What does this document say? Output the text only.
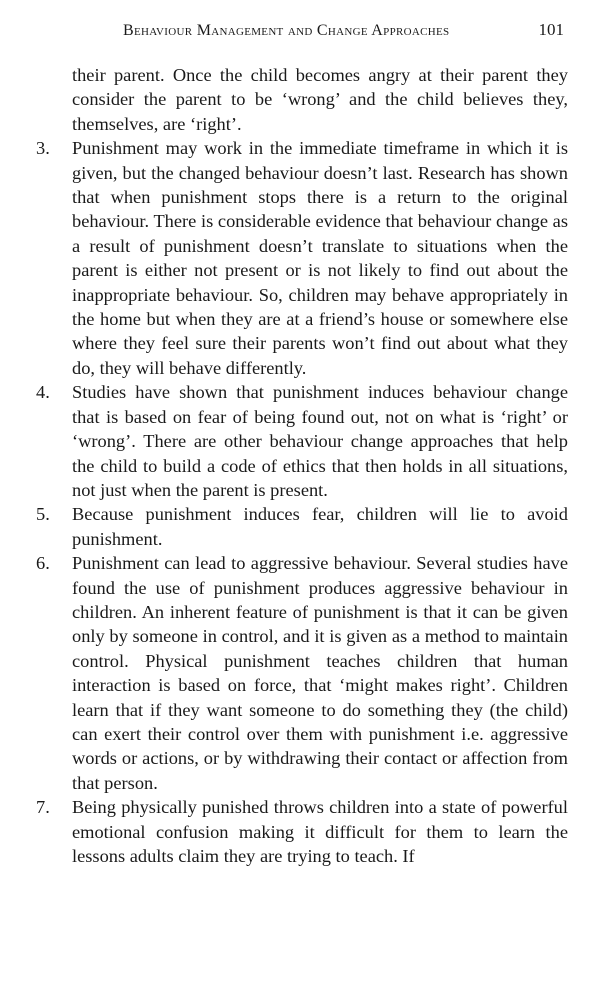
Behaviour Management and Change Approaches	101

their parent. Once the child becomes angry at their parent they consider the parent to be ‘wrong’ and the child believes they, themselves, are ‘right’.

3.	Punishment may work in the immediate timeframe in which it is given, but the changed behaviour doesn’t last. Research has shown that when punishment stops there is a return to the original behaviour. There is considerable evidence that behaviour change as a result of punishment doesn’t translate to situations when the parent is either not present or is not likely to find out about the inappropriate behaviour. So, children may behave appropriately in the home but when they are at a friend’s house or somewhere else where they feel sure their parents won’t find out about what they do, they will behave differently.
4.	Studies have shown that punishment induces behaviour change that is based on fear of being found out, not on what is ‘right’ or ‘wrong’. There are other behaviour change approaches that help the child to build a code of ethics that then holds in all situations, not just when the parent is present.
5.	Because punishment induces fear, children will lie to avoid punishment.
6.	Punishment can lead to aggressive behaviour. Several studies have found the use of punishment produces aggressive behaviour in children. An inherent feature of punishment is that it can be given only by someone in control, and it is given as a method to maintain control. Physical punishment teaches children that human interaction is based on force, that ‘might makes right’. Children learn that if they want someone to do something they (the child) can exert their control over them with punishment i.e. aggressive words or actions, or by withdrawing their contact or affection from that person.
7.	Being physically punished throws children into a state of powerful emotional confusion making it difficult for them to learn the lessons adults claim they are trying to teach. If
